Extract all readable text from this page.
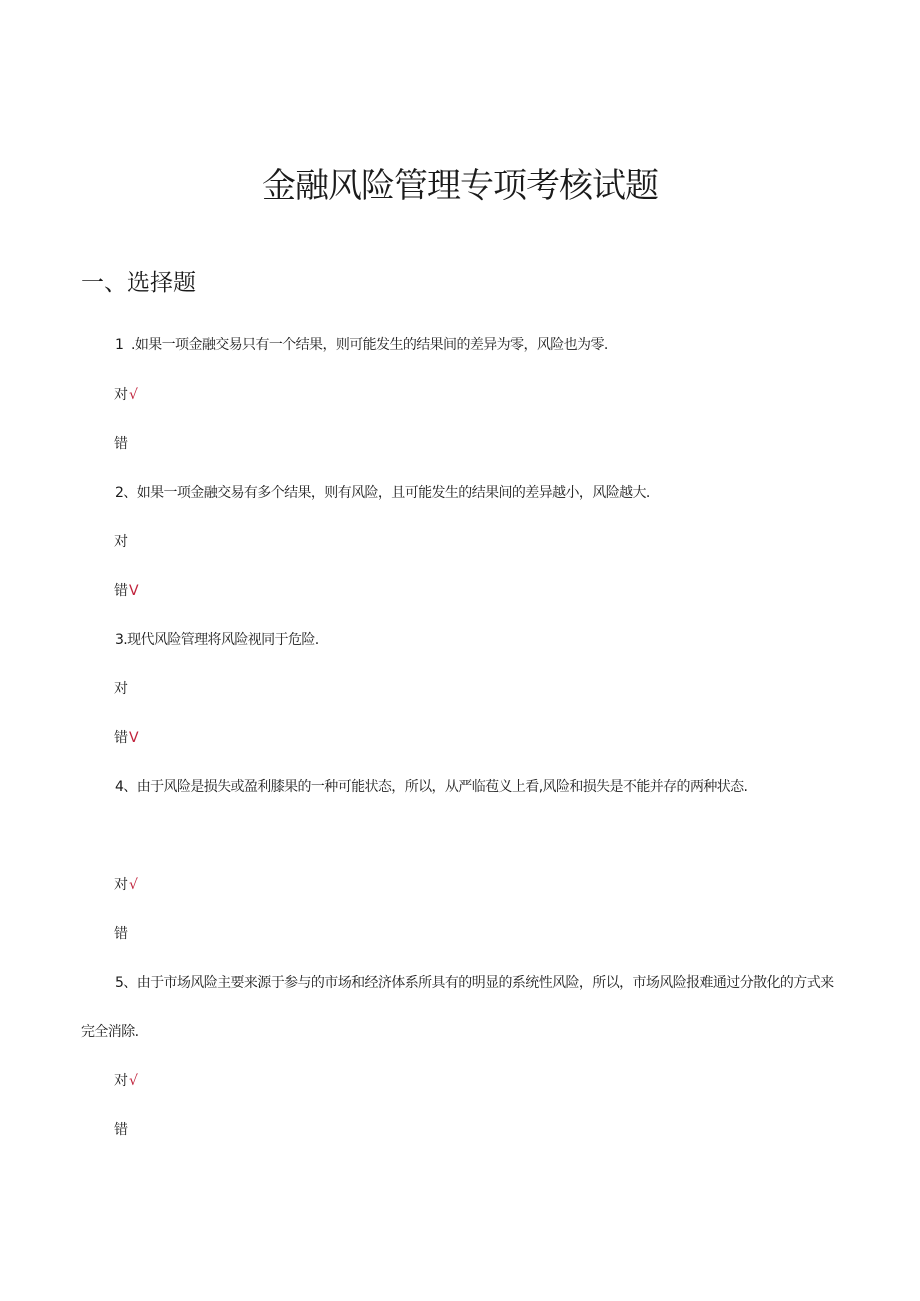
金融风险管理专项考核试题
一、选择题

1  .如果一项金融交易只有一个结果，则可能发生的结果间的差异为零，风险也为零.

对√

错

2、如果一项金融交易有多个结果，则有风险，且可能发生的结果间的差异越小，风险越大.

对

错V

3.现代风险管理将风险视同于危险.

对

错V

4、由于风险是损失或盈利膝果的一种可能状态，所以，从严临苞义上看,风险和损失是不能并存的两种状态.

对√

错

5、由于市场风险主要来源于参与的市场和经济体系所具有的明显的系统性风险，所以，市场风险报难通过分散化的方式来完全消除.

对√

错
